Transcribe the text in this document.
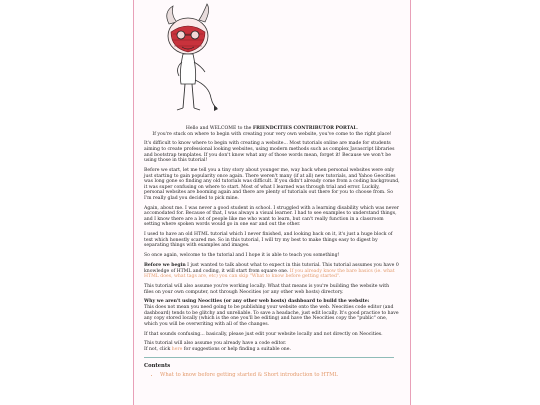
Hello and WELCOME to the FRIENDCITIES CONTRIBUTOR PORTAL.
If you're stuck on where to begin with creating your very own website, you've come to the right place!

It's difficult to know where to begin with creating a website... Most tutorials online are made for students aiming to create professional looking websites, using modern methods such as complex Javascript libraries and bootstrap templates. If you don't know what any of those words mean, forget it! Because we won't be using those in this tutorial!

Before we start, let me tell you a tiny story about younger me, way back when personal websites were only just starting to gain popularity once again. There weren't many (if at all) new tutorials, and Yahoo Geocities was long gone so finding any old tutorials was difficult. If you didn't already come from a coding background, it was super confusing on where to start. Most of what I learned was through trial and error. Luckily, personal websites are booming again and there are plenty of tutorials out there for you to choose from. So I'm really glad you decided to pick mine.

Again, about me. I was never a good student in school. I struggled with a learning disability which was never accomodated for. Because of that, I was always a visual learner. I had to see examples to understand things, and I know there are a lot of people like me who want to learn, but can't really function in a classroom setting where spoken words would go in one ear and out the other.

I used to have an old HTML tutorial which I never finished, and looking back on it, it's just a huge block of text which honestly scared me. So in this tutorial, I will try my best to make things easy to digest by separating things with examples and images.

So once again, welcome to the tutorial and I hope it is able to teach you something!

Before we begin I just wanted to talk about what to expect in this tutorial. This tutorial assumes you have 0 knowledge of HTML and coding, it will start from square one. If you already know the bare basics (ie. what HTML does, what tags are, etc) you can skip "What to know before getting started".

This tutorial will also assume you're working locally. What that means is you're building the website with files on your own computer, not through Neocities (or any other web hosts) directory.

Why we aren't using Neocities (or any other web hosts) dashboard to build the website:
This does not mean you need going to be publishing your website onto the web. Neocities code editor (and dashboard) tends to be glitchy and unreliable. To save a headache, just edit locally. It's good practice to have any copy stored locally (which is the one you'll be editing) and have the Neocities copy the "public" one, which you will be overwriting with all of the changes.

If that sounds confusing... basically, please just edit your website locally and not directly on Neocities.

This tutorial will also assume you already have a code editor.
If not, click here for suggestions or help finding a suitable one.

Contents

• What to know before getting started & Short introduction to HTML
